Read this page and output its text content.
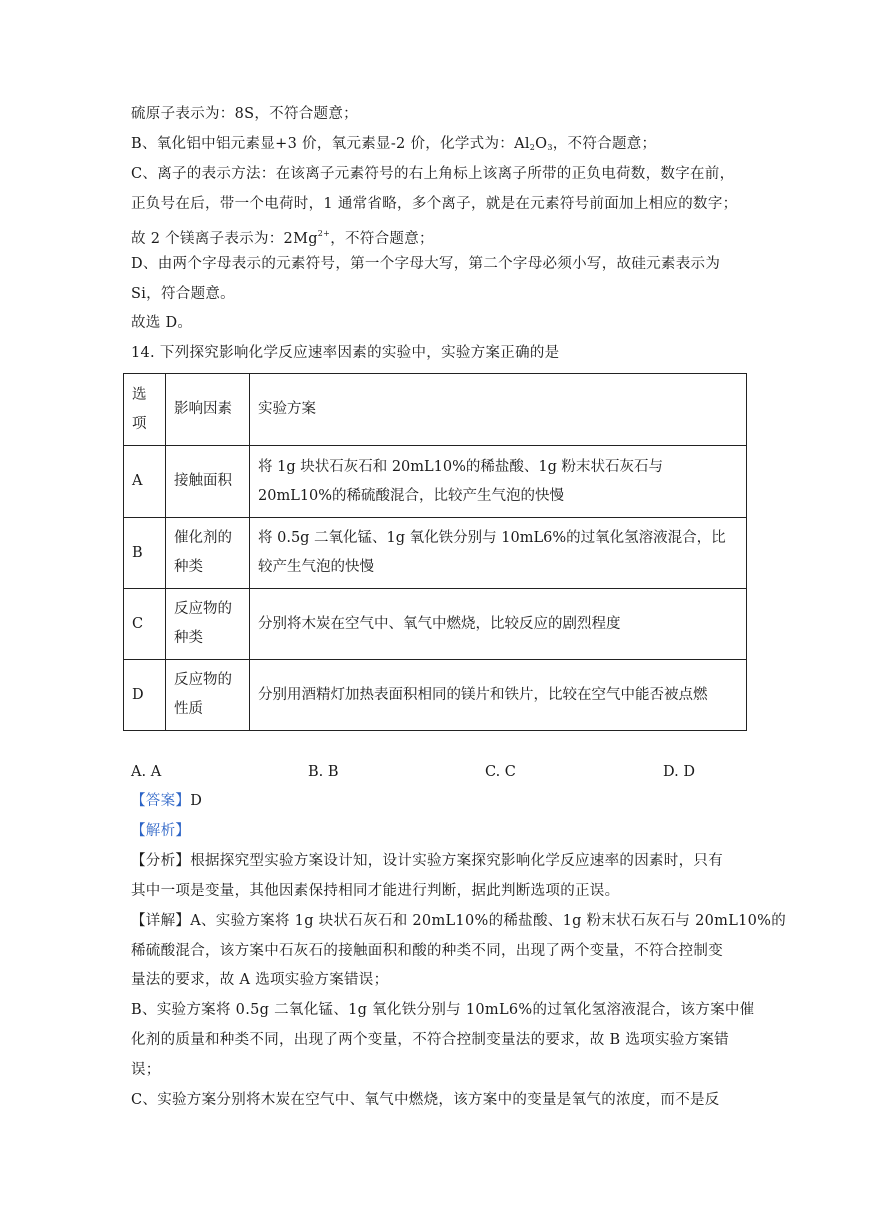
硫原子表示为：8S，不符合题意；
B、氧化铝中铝元素显+3 价，氧元素显-2 价，化学式为：$Al_2O_3$，不符合题意；
C、离子的表示方法：在该离子元素符号的右上角标上该离子所带的正负电荷数，数字在前，
正负号在后，带一个电荷时，1 通常省略，多个离子，就是在元素符号前面加上相应的数字；
故 2 个镁离子表示为：$2Mg^{2+}$，不符合题意；
D、由两个字母表示的元素符号，第一个字母大写，第二个字母必须小写，故硅元素表示为
Si，符合题意。
故选 D。
14. 下列探究影响化学反应速率因素的实验中，实验方案正确的是
选项	影响因素	实验方案
A	接触面积	将 1g 块状石灰石和 20mL10%的稀盐酸、1g 粉末状石灰石与 20mL10%的稀硫酸混合，比较产生气泡的快慢
B	催化剂的种类	将 0.5g 二氧化锰、1g 氧化铁分别与 10mL6%的过氧化氢溶液混合，比较产生气泡的快慢
C	反应物的种类	分别将木炭在空气中、氧气中燃烧，比较反应的剧烈程度
D	反应物的性质	分别用酒精灯加热表面积相同的镁片和铁片，比较在空气中能否被点燃
A. A	B. B	C. C	D. D
【答案】D
【解析】
【分析】根据探究型实验方案设计知，设计实验方案探究影响化学反应速率的因素时，只有
其中一项是变量，其他因素保持相同才能进行判断，据此判断选项的正误。
【详解】A、实验方案将 1g 块状石灰石和 20mL10%的稀盐酸、1g 粉末状石灰石与 20mL10%的
稀硫酸混合，该方案中石灰石的接触面积和酸的种类不同，出现了两个变量，不符合控制变
量法的要求，故 A 选项实验方案错误；
B、实验方案将 0.5g 二氧化锰、1g 氧化铁分别与 10mL6%的过氧化氢溶液混合，该方案中催
化剂的质量和种类不同，出现了两个变量，不符合控制变量法的要求，故 B 选项实验方案错
误；
C、实验方案分别将木炭在空气中、氧气中燃烧，该方案中的变量是氧气的浓度，而不是反
